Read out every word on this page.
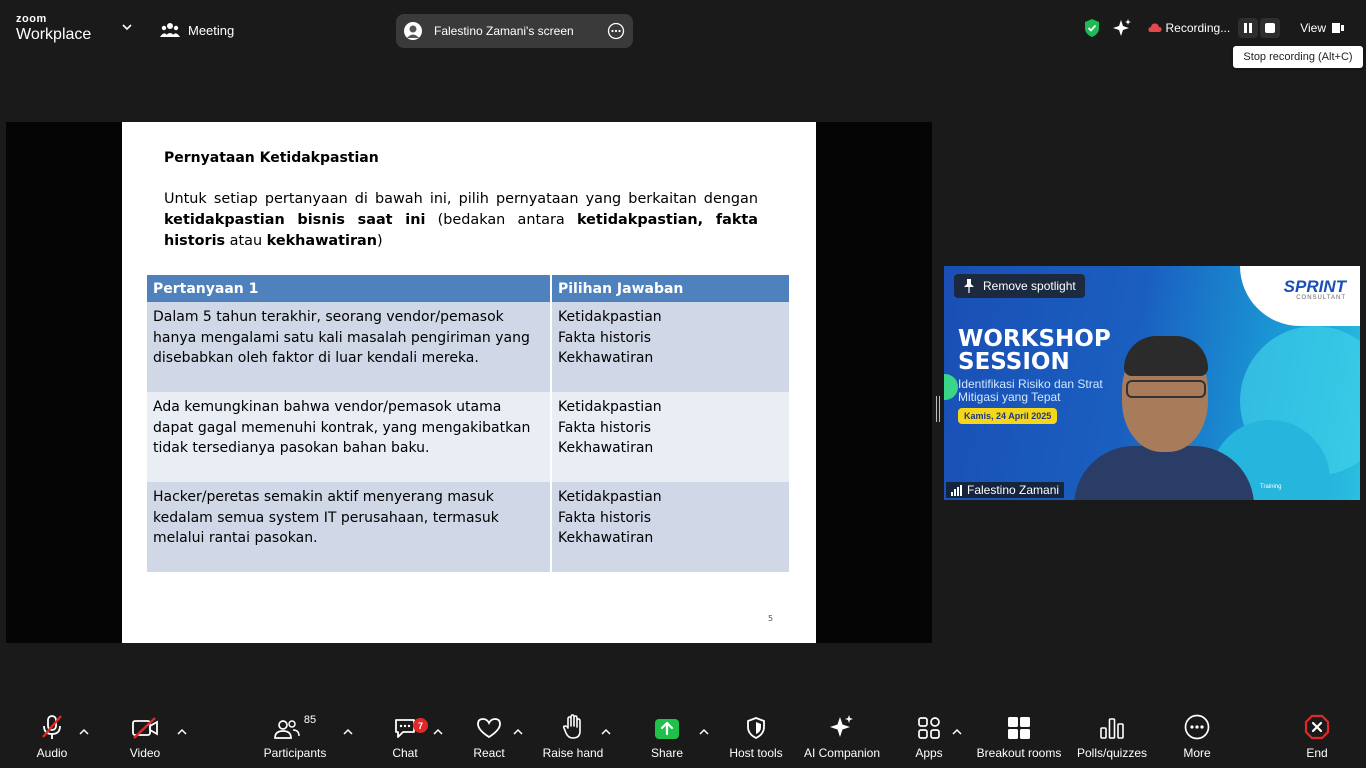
zoom
Workplace	Meeting	Falestino Zamani's screen	Recording...	View
Stop recording (Alt+C)
Pernyataan Ketidakpastian
Untuk setiap pertanyaan di bawah ini, pilih pernyataan yang berkaitan dengan ketidakpastian bisnis saat ini (bedakan antara ketidakpastian, fakta historis atau kekhawatiran)
Pertanyaan 1	Pilihan Jawaban
Dalam 5 tahun terakhir, seorang vendor/pemasok hanya mengalami satu kali masalah pengiriman yang disebabkan oleh faktor di luar kendali mereka.	Ketidakpastian
Fakta historis
Kekhawatiran

Ada kemungkinan bahwa vendor/pemasok utama dapat gagal memenuhi kontrak, yang mengakibatkan tidak tersedianya pasokan bahan baku.	Ketidakpastian
Fakta historis
Kekhawatiran

Hacker/peretas semakin aktif menyerang masuk kedalam semua system IT perusahaan, termasuk melalui rantai pasokan.	Ketidakpastian
Fakta historis
Kekhawatiran
5
SPRINT
CONSULTANT
WORKSHOP
SESSION
Identifikasi Risiko dan Strat
Mitigasi yang Tepat
Kamis, 24 April 2025
Training
Remove spotlight
Falestino Zamani
Audio	Video
85
Participants
7
Chat	React	Raise hand	Share	Host tools AI Companion	Apps	Breakout rooms Polls/quizzes	More	End
